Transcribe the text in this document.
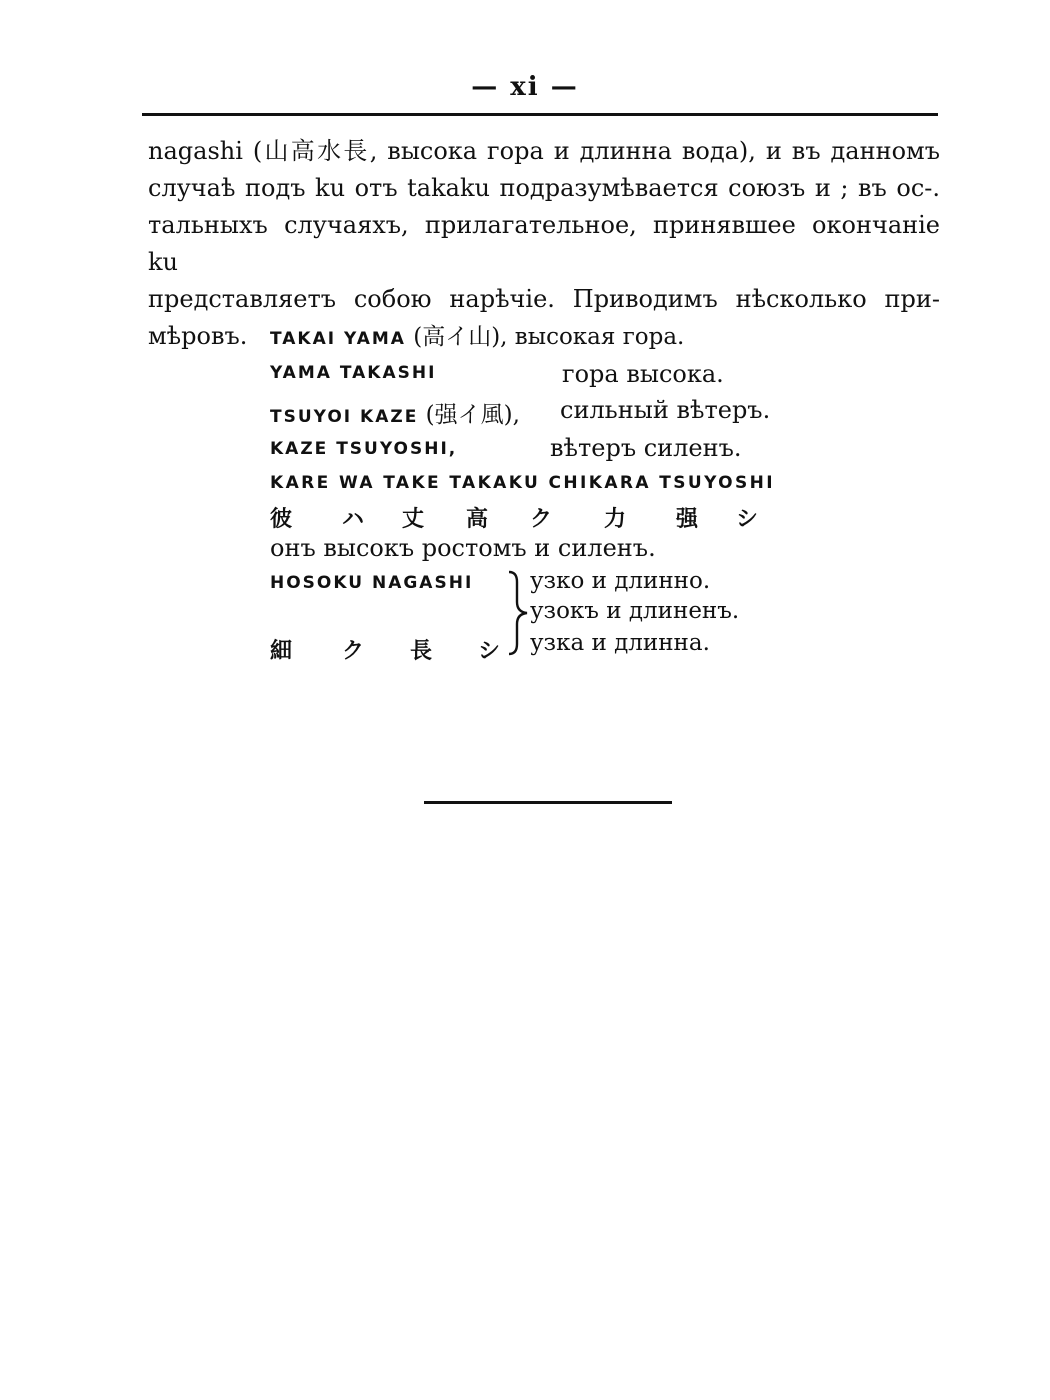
— xi —
nagashi (山高水長, высока гора и длинна вода), и въ данномъ
случаѣ подъ ku отъ takaku подразумѣвается союзъ и ; въ ос-.
тальныхъ случаяхъ, прилагательное, принявшее окончаніе ku
представляетъ собою нарѣчіе. Приводимъ нѣсколько при-
мѣровъ.	TAKAI YAMA (高イ山), высокая гора.
YAMA TAKASHI	гора высока.
TSUYOI KAZE (强イ風), сильный вѣтеръ.
KAZE TSUYOSHI,	вѣтеръ силенъ.
KARE WA TAKE TAKAKU CHIKARA TSUYOSHI
彼 ハ 丈 高 ク 力 强 シ
онъ высокъ ростомъ и силенъ.
HOSOKU NAGASHI
細 ク 長 シ
узко и длинно.
узокъ и длиненъ.
узка и длинна.
